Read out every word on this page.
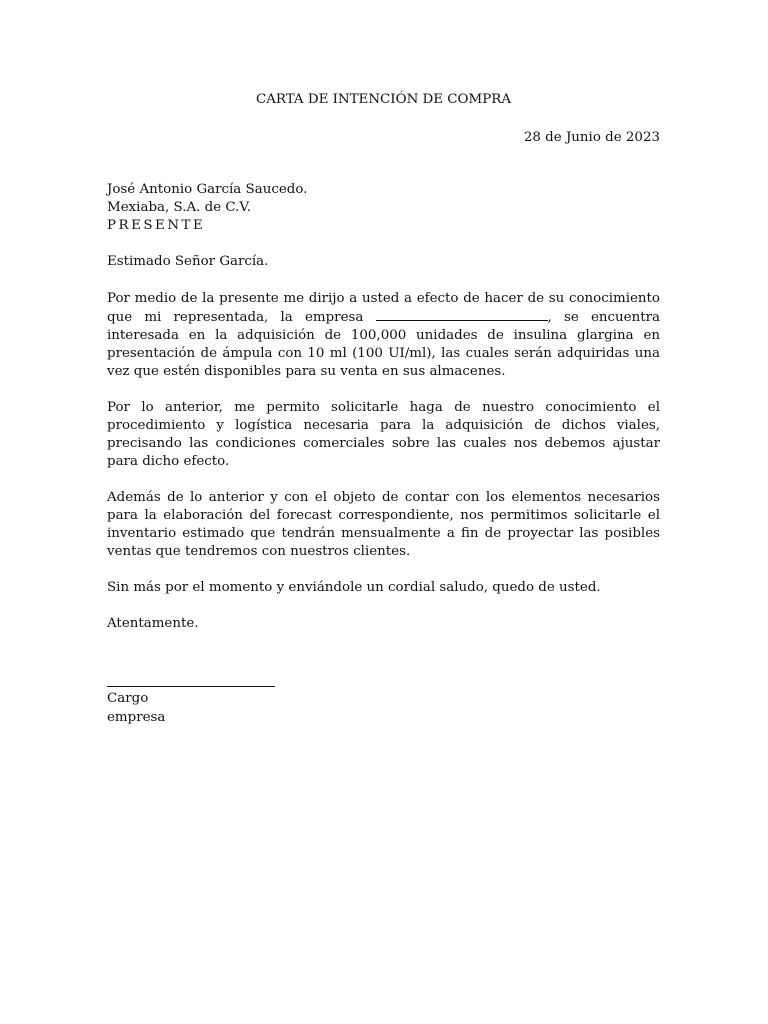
CARTA DE INTENCIÓN DE COMPRA
28 de Junio de 2023
José Antonio García Saucedo.
Mexiaba, S.A. de C.V.
PRESENTE
Estimado Señor García.

Por medio de la presente me dirijo a usted a efecto de hacer de su conocimiento que mi representada, la empresa	, se encuentra interesada en la adquisición de 100,000 unidades de insulina glargina en presentación de ámpula con 10 ml (100 UI/ml), las cuales serán adquiridas una vez que estén disponibles para su venta en sus almacenes.

Por lo anterior, me permito solicitarle haga de nuestro conocimiento el procedimiento y logística necesaria para la adquisición de dichos viales, precisando las condiciones comerciales sobre las cuales nos debemos ajustar para dicho efecto.

Además de lo anterior y con el objeto de contar con los elementos necesarios para la elaboración del forecast correspondiente, nos permitimos solicitarle el inventario estimado que tendrán mensualmente a fin de proyectar las posibles ventas que tendremos con nuestros clientes.

Sin más por el momento y enviándole un cordial saludo, quedo de usted.

Atentamente.
Cargo
empresa
